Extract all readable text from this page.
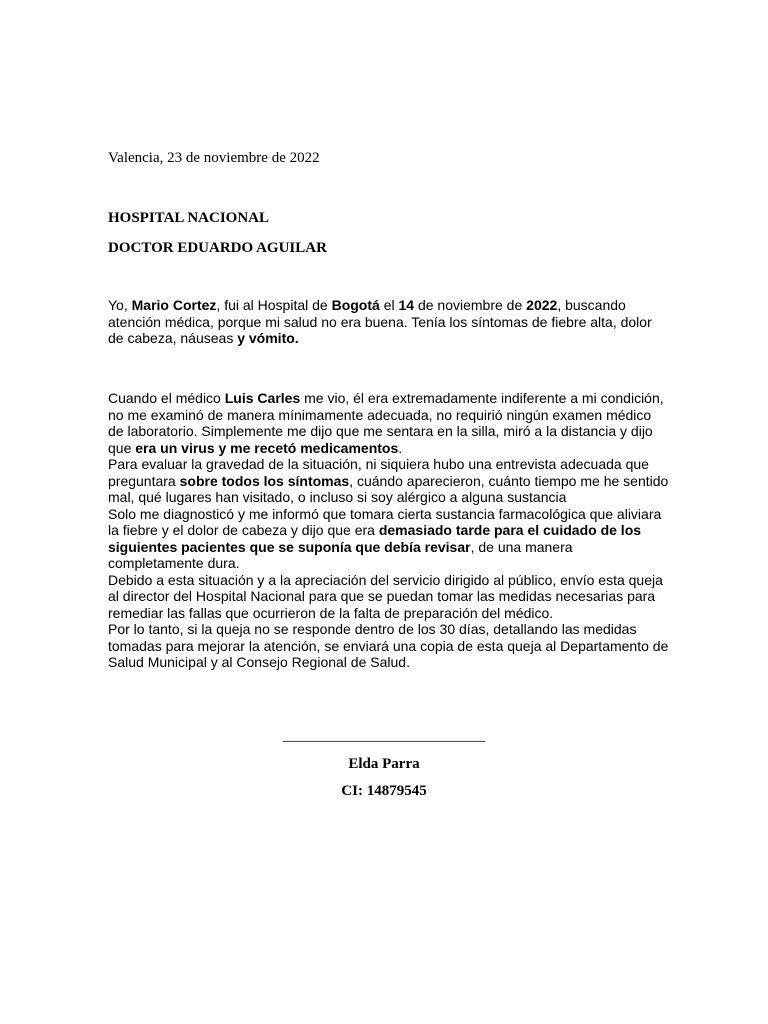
Valencia, 23 de noviembre de 2022

HOSPITAL NACIONAL

DOCTOR EDUARDO AGUILAR

Yo, Mario Cortez, fui al Hospital de Bogotá el 14 de noviembre de 2022, buscando
atención médica, porque mi salud no era buena. Tenía los síntomas de fiebre alta, dolor
de cabeza, náuseas y vómito.
Cuando el médico Luis Carles me vio, él era extremadamente indiferente a mi condición,
no me examinó de manera mínimamente adecuada, no requirió ningún examen médico
de laboratorio. Simplemente me dijo que me sentara en la silla, miró a la distancia y dijo
que era un virus y me recetó medicamentos.
Para evaluar la gravedad de la situación, ni siquiera hubo una entrevista adecuada que
preguntara sobre todos los síntomas, cuándo aparecieron, cuánto tiempo me he sentido
mal, qué lugares han visitado, o incluso si soy alérgico a alguna sustancia
Solo me diagnosticó y me informó que tomara cierta sustancia farmacológica que aliviara
la fiebre y el dolor de cabeza y dijo que era demasiado tarde para el cuidado de los
siguientes pacientes que se suponía que debía revisar, de una manera
completamente dura.
Debido a esta situación y a la apreciación del servicio dirigido al público, envío esta queja
al director del Hospital Nacional para que se puedan tomar las medidas necesarias para
remediar las fallas que ocurrieron de la falta de preparación del médico.
Por lo tanto, si la queja no se responde dentro de los 30 días, detallando las medidas
tomadas para mejorar la atención, se enviará una copia de esta queja al Departamento de
Salud Municipal y al Consejo Regional de Salud.

___________________________

Elda Parra

CI: 14879545
